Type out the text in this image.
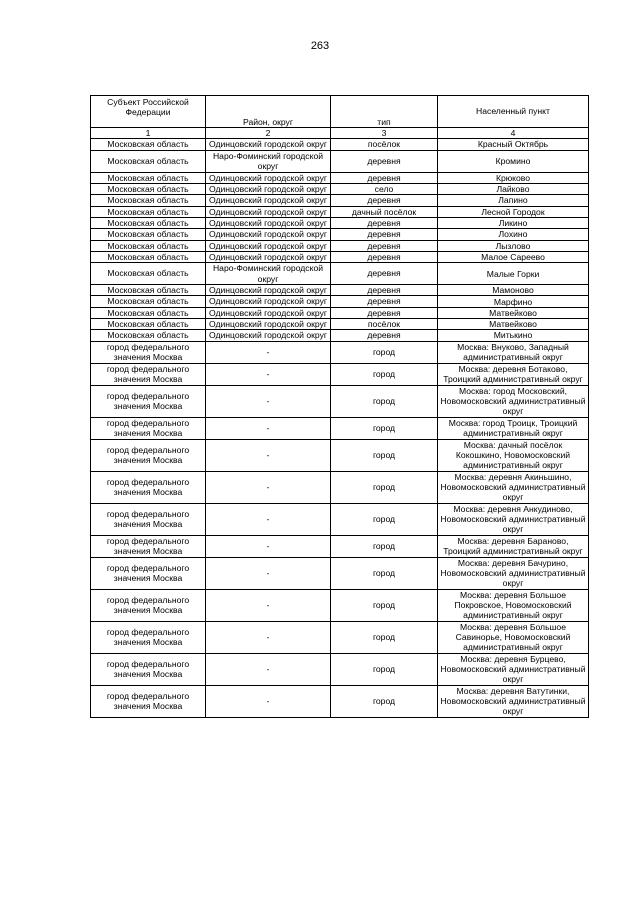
263
Субъект Российской Федерации	Район, округ	тип	Населенный пункт
1	2	3	4
Московская область	Одинцовский городской округ	посёлок	Красный Октябрь
Московская область	Наро-Фоминский городской округ	деревня	Кромино
Московская область	Одинцовский городской округ	деревня	Крюково
Московская область	Одинцовский городской округ	село	Лайково
Московская область	Одинцовский городской округ	деревня	Лапино
Московская область	Одинцовский городской округ	дачный посёлок	Лесной Городок
Московская область	Одинцовский городской округ	деревня	Ликино
Московская область	Одинцовский городской округ	деревня	Лохино
Московская область	Одинцовский городской округ	деревня	Лызлово
Московская область	Одинцовский городской округ	деревня	Малое Сареево
Московская область	Наро-Фоминский городской округ	деревня	Малые Горки
Московская область	Одинцовский городской округ	деревня	Мамоново
Московская область	Одинцовский городской округ	деревня	Марфино
Московская область	Одинцовский городской округ	деревня	Матвейково
Московская область	Одинцовский городской округ	посёлок	Матвейково
Московская область	Одинцовский городской округ	деревня	Митькино
город федерального значения Москва	-	город	Москва: Внуково, Западный административный округ
город федерального значения Москва	-	город	Москва: деревня Ботаково, Троицкий административный округ
город федерального значения Москва	-	город	Москва: город Московский, Новомосковский административный округ
город федерального значения Москва	-	город	Москва: город Троицк, Троицкий административный округ
город федерального значения Москва	-	город	Москва: дачный посёлок Кокошкино, Новомосковский административный округ
город федерального значения Москва	-	город	Москва: деревня Акиньшино, Новомосковский административный округ
город федерального значения Москва	-	город	Москва: деревня Анкудиново, Новомосковский административный округ
город федерального значения Москва	-	город	Москва: деревня Бараново, Троицкий административный округ
город федерального значения Москва	-	город	Москва: деревня Бачурино, Новомосковский административный округ
город федерального значения Москва	-	город	Москва: деревня Большое Покровское, Новомосковский административный округ
город федерального значения Москва	-	город	Москва: деревня Большое Савинорье, Новомосковский административный округ
город федерального значения Москва	-	город	Москва: деревня Бурцево, Новомосковский административный округ
город федерального значения Москва	-	город	Москва: деревня Ватутинки, Новомосковский административный округ
